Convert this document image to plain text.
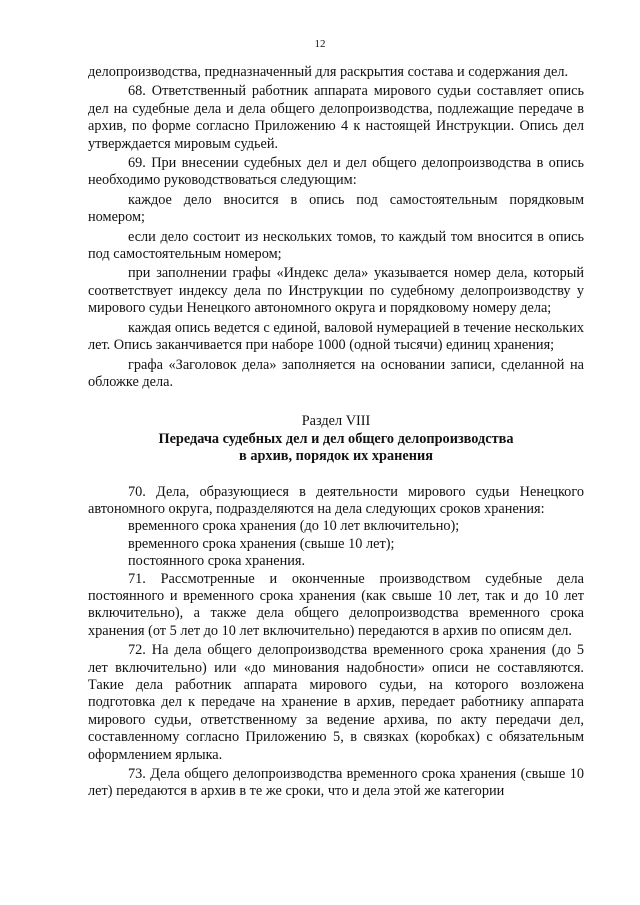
12

делопроизводства, предназначенный для раскрытия состава и содержания дел.

68. Ответственный работник аппарата мирового судьи составляет опись дел на судебные дела и дела общего делопроизводства, подлежащие передаче в архив, по форме согласно Приложению 4 к настоящей Инструкции. Опись дел утверждается мировым судьей.

69. При внесении судебных дел и дел общего делопроизводства в опись необходимо руководствоваться следующим:

каждое дело вносится в опись под самостоятельным порядковым номером;

если дело состоит из нескольких томов, то каждый том вносится в опись под самостоятельным номером;

при заполнении графы «Индекс дела» указывается номер дела, который соответствует индексу дела по Инструкции по судебному делопроизводству у мирового судьи Ненецкого автономного округа и порядковому номеру дела;

каждая опись ведется с единой, валовой нумерацией в течение нескольких лет. Опись заканчивается при наборе 1000 (одной тысячи) единиц хранения;

графа «Заголовок дела» заполняется на основании записи, сделанной на обложке дела.

Раздел VIII
Передача судебных дел и дел общего делопроизводства
в архив, порядок их хранения

70. Дела, образующиеся в деятельности мирового судьи Ненецкого автономного округа, подразделяются на дела следующих сроков хранения:

временного срока хранения (до 10 лет включительно);

временного срока хранения (свыше 10 лет);

постоянного срока хранения.

71. Рассмотренные и оконченные производством судебные дела постоянного и временного срока хранения (как свыше 10 лет, так и до 10 лет включительно), а также дела общего делопроизводства временного срока хранения (от 5 лет до 10 лет включительно) передаются в архив по описям дел.

72. На дела общего делопроизводства временного срока хранения (до 5 лет включительно) или «до минования надобности» описи не составляются. Такие дела работник аппарата мирового судьи, на которого возложена подготовка дел к передаче на хранение в архив, передает работнику аппарата мирового судьи, ответственному за ведение архива, по акту передачи дел, составленному согласно Приложению 5, в связках (коробках) с обязательным оформлением ярлыка.

73. Дела общего делопроизводства временного срока хранения (свыше 10 лет) передаются в архив в те же сроки, что и дела этой же категории
